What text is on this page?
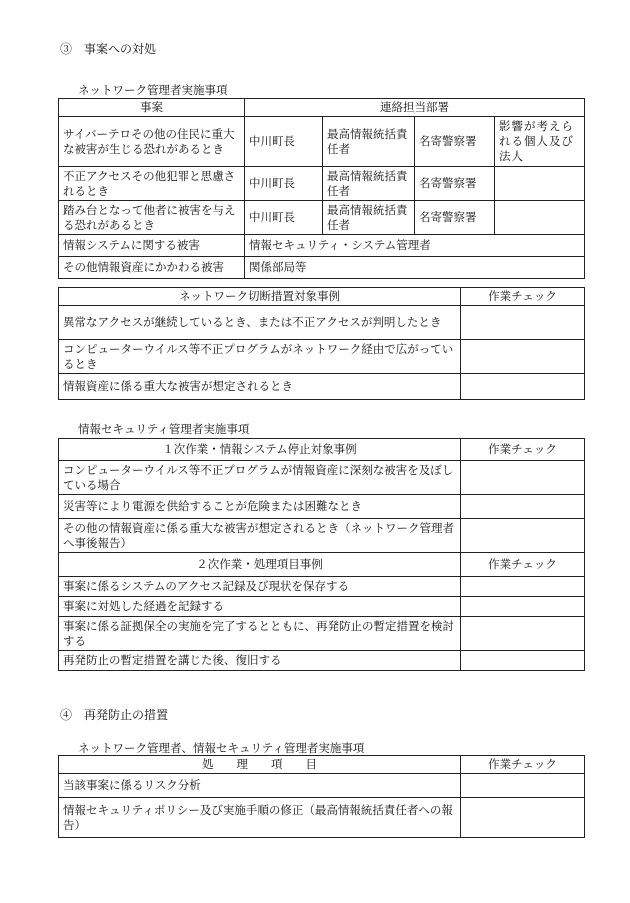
③　事案への対処
ネットワーク管理者実施事項
事案	連絡担当部署			
サイバーテロその他の住民に重大な被害が生じる恐れがあるとき	中川町長	最高情報統括責任者	名寄警察署	影響が考えられる個人及び法人
不正アクセスその他犯罪と思慮されるとき	中川町長	最高情報統括責任者	名寄警察署	
踏み台となって他者に被害を与える恐れがあるとき	中川町長	最高情報統括責任者	名寄警察署	
情報システムに関する被害	情報セキュリティ・システム管理者			
その他情報資産にかかわる被害	関係部局等			
ネットワーク切断措置対象事例	作業チェック
異常なアクセスが継続しているとき、または不正アクセスが判明したとき	
コンピューターウイルス等不正プログラムがネットワーク経由で広がっているとき	
情報資産に係る重大な被害が想定されるとき	
情報セキュリティ管理者実施事項
１次作業・情報システム停止対象事例	作業チェック
コンピューターウイルス等不正プログラムが情報資産に深刻な被害を及ぼしている場合	
災害等により電源を供給することが危険または困難なとき	
その他の情報資産に係る重大な被害が想定されるとき（ネットワーク管理者へ事後報告）	
２次作業・処理項目事例	作業チェック
事案に係るシステムのアクセス記録及び現状を保存する	
事案に対処した経過を記録する	
事案に係る証拠保全の実施を完了するとともに、再発防止の暫定措置を検討する	
再発防止の暫定措置を講じた後、復旧する	
④　再発防止の措置
ネットワーク管理者、情報セキュリティ管理者実施事項
処　　理　　項　　目	作業チェック
当該事案に係るリスク分析	
情報セキュリティポリシー及び実施手順の修正（最高情報統括責任者への報告）	
